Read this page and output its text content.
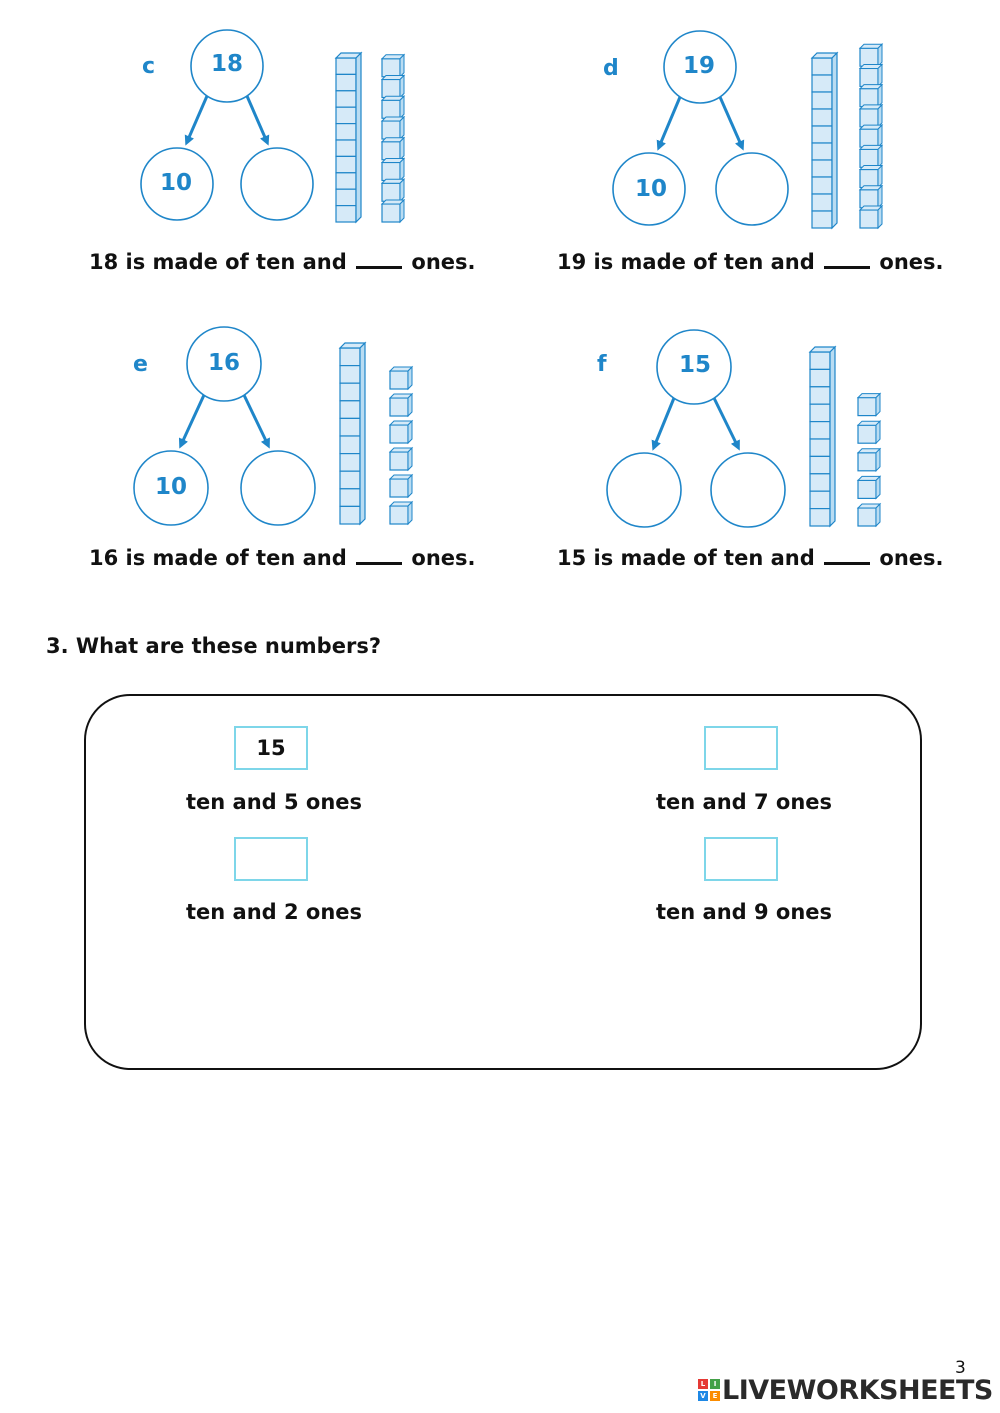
c	18
10
18 is made of ten and	ones.
d	19
10
19 is made of ten and	ones.
e	16
10
16 is made of ten and	ones.
f	15
15 is made of ten and	ones.
3. What are these numbers?
15
ten and 5 ones	ten and 7 ones
ten and 2 ones	ten and 9 ones
3
L	I
V E LIVEWORKSHEETS
